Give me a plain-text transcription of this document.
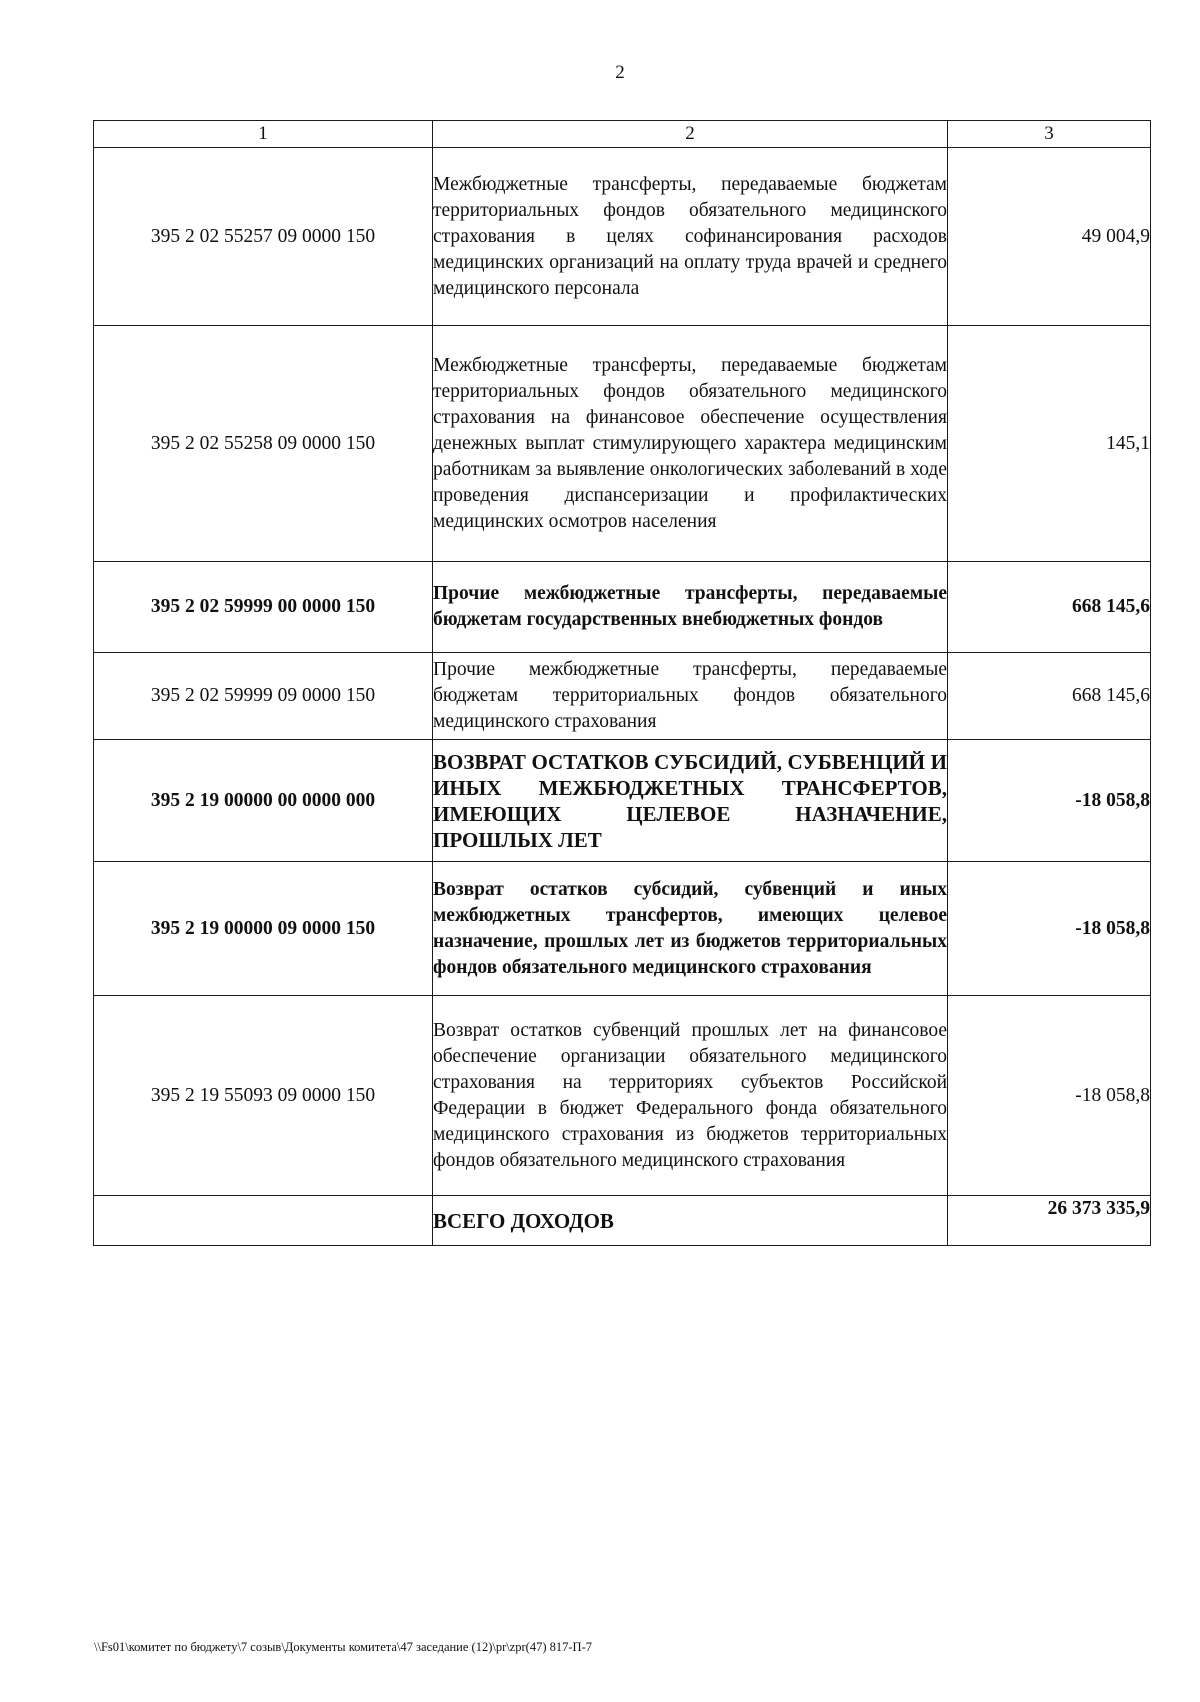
2
1	2	3
395 2 02 55257 09 0000 150	Межбюджетные трансферты, передаваемые бюджетам территориальных фондов обязательного медицинского страхования в целях софинансирования расходов медицинских организаций на оплату труда врачей и среднего медицинского персонала	49 004,9
395 2 02 55258 09 0000 150	Межбюджетные трансферты, передаваемые бюджетам территориальных фондов обязательного медицинского страхования на финансовое обеспечение осуществления денежных выплат стимулирующего характера медицинским работникам за выявление онкологических заболеваний в ходе проведения диспансеризации и профилактических медицинских осмотров населения	145,1
395 2 02 59999 00 0000 150	Прочие межбюджетные трансферты, передаваемые бюджетам государственных внебюджетных фондов	668 145,6
395 2 02 59999 09 0000 150	Прочие межбюджетные трансферты, передаваемые бюджетам территориальных фондов обязательного медицинского страхования	668 145,6
395 2 19 00000 00 0000 000	ВОЗВРАТ ОСТАТКОВ СУБСИДИЙ, СУБВЕНЦИЙ И ИНЫХ МЕЖБЮДЖЕТНЫХ ТРАНСФЕРТОВ, ИМЕЮЩИХ ЦЕЛЕВОЕ НАЗНАЧЕНИЕ, ПРОШЛЫХ ЛЕТ	-18 058,8
395 2 19 00000 09 0000 150	Возврат остатков субсидий, субвенций и иных межбюджетных трансфертов, имеющих целевое назначение, прошлых лет из бюджетов территориальных фондов обязательного медицинского страхования	-18 058,8
395 2 19 55093 09 0000 150	Возврат остатков субвенций прошлых лет на финансовое обеспечение организации обязательного медицинского страхования на территориях субъектов Российской Федерации в бюджет Федерального фонда обязательного медицинского страхования из бюджетов территориальных фондов обязательного медицинского страхования	-18 058,8
	ВСЕГО ДОХОДОВ	26 373 335,9
\\Fs01\комитет по бюджету\7 созыв\Документы комитета\47 заседание (12)\pr\zpr(47) 817-П-7
